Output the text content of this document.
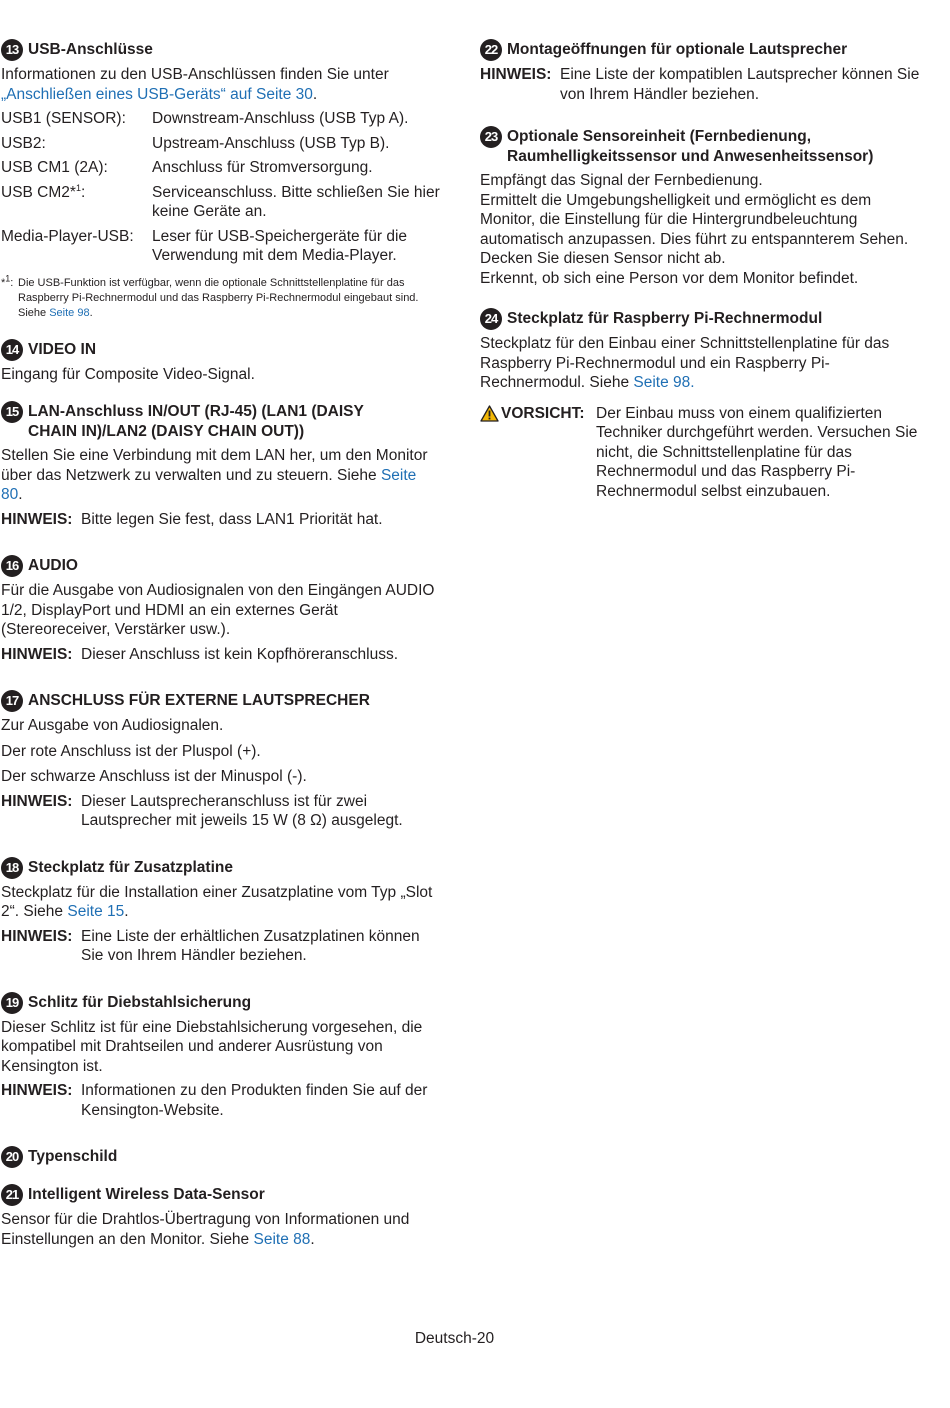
13 USB-Anschlüsse

Informationen zu den USB-Anschlüssen finden Sie unter
„Anschließen eines USB-Geräts“ auf Seite 30.

USB1 (SENSOR):	Downstream-Anschluss (USB Typ A).
USB2:	Upstream-Anschluss (USB Typ B).
USB CM1 (2A):	Anschluss für Stromversorgung.
USB CM2*$^1$:	Serviceanschluss. Bitte schließen Sie hier keine Geräte an.
Media-Player-USB:	Leser für USB-Speichergeräte für die Verwendung mit dem Media-Player.
*$^1$: Die USB-Funktion ist verfügbar, wenn die optionale Schnittstellenplatine für das Raspberry Pi-Rechnermodul und das Raspberry Pi-Rechnermodul eingebaut sind. Siehe Seite 98.
14 VIDEO IN

Eingang für Composite Video-Signal.

15 LAN-Anschluss IN/OUT (RJ-45) (LAN1 (DAISY CHAIN IN)/LAN2 (DAISY CHAIN OUT))

Stellen Sie eine Verbindung mit dem LAN her, um den Monitor über das Netzwerk zu verwalten und zu steuern. Siehe Seite 80.

HINWEIS: Bitte legen Sie fest, dass LAN1 Priorität hat.
16 AUDIO

Für die Ausgabe von Audiosignalen von den Eingängen AUDIO 1/2, DisplayPort und HDMI an ein externes Gerät (Stereoreceiver, Verstärker usw.).

HINWEIS: Dieser Anschluss ist kein Kopfhöreranschluss.
17 ANSCHLUSS FÜR EXTERNE LAUTSPRECHER

Zur Ausgabe von Audiosignalen.

Der rote Anschluss ist der Pluspol (+).

Der schwarze Anschluss ist der Minuspol (-).

HINWEIS: Dieser Lautsprecheranschluss ist für zwei Lautsprecher mit jeweils 15 W (8 Ω) ausgelegt.
18 Steckplatz für Zusatzplatine

Steckplatz für die Installation einer Zusatzplatine vom Typ „Slot 2“. Siehe Seite 15.

HINWEIS: Eine Liste der erhältlichen Zusatzplatinen können Sie von Ihrem Händler beziehen.
19 Schlitz für Diebstahlsicherung

Dieser Schlitz ist für eine Diebstahlsicherung vorgesehen, die kompatibel mit Drahtseilen und anderer Ausrüstung von Kensington ist.

HINWEIS: Informationen zu den Produkten finden Sie auf der Kensington-Website.
20 Typenschild
21 Intelligent Wireless Data-Sensor

Sensor für die Drahtlos-Übertragung von Informationen und Einstellungen an den Monitor. Siehe Seite 88.

22 Montageöffnungen für optionale Lautsprecher
HINWEIS: Eine Liste der kompatiblen Lautsprecher können Sie von Ihrem Händler beziehen.
23 Optionale Sensoreinheit (Fernbedienung, Raumhelligkeitssensor und Anwesenheitssensor)

Empfängt das Signal der Fernbedienung.

Ermittelt die Umgebungshelligkeit und ermöglicht es dem Monitor, die Einstellung für die Hintergrundbeleuchtung automatisch anzupassen. Dies führt zu entspannterem Sehen.

Decken Sie diesen Sensor nicht ab.

Erkennt, ob sich eine Person vor dem Monitor befindet.

24 Steckplatz für Raspberry Pi-Rechnermodul

Steckplatz für den Einbau einer Schnittstellenplatine für das Raspberry Pi-Rechnermodul und ein Raspberry Pi-Rechnermodul. Siehe Seite 98.

VORSICHT: Der Einbau muss von einem qualifizierten Techniker durchgeführt werden. Versuchen Sie nicht, die Schnittstellenplatine für das Rechnermodul und das Raspberry Pi-Rechnermodul selbst einzubauen.
Deutsch-20
